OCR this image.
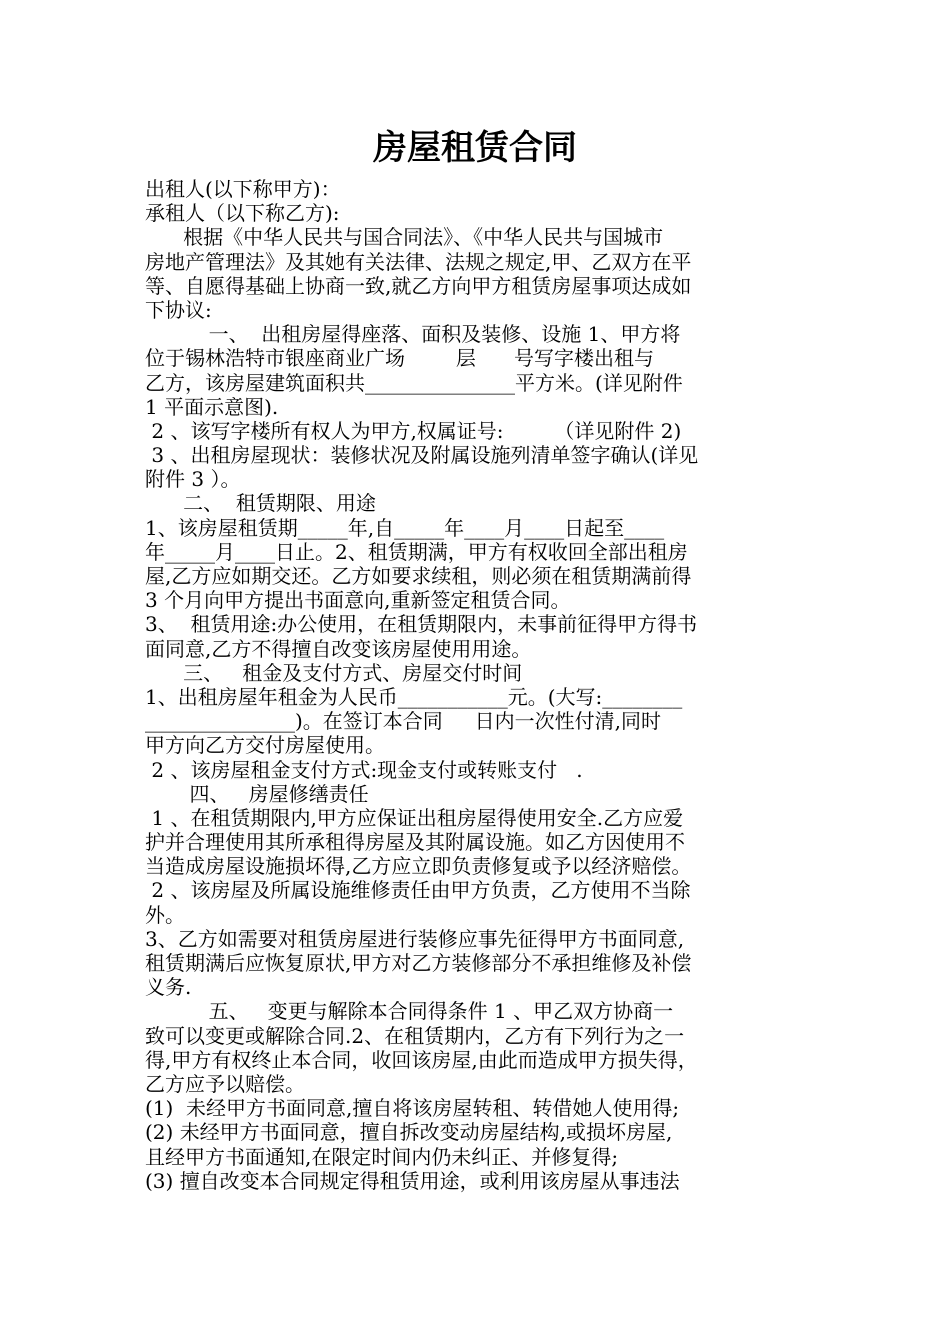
房屋租赁合同
出租人(以下称甲方)：
承租人（以下称乙方):
根据《中华人民共与国合同法》、《中华人民共与国城市
房地产管理法》及其她有关法律、法规之规定,甲、乙双方在平
等、自愿得基础上协商一致,就乙方向甲方租赁房屋事项达成如
下协议:
一、  出租房屋得座落、面积及装修、设施 1、甲方将
位于锡林浩特市银座商业广场        层      号写字楼出租与
乙方，该房屋建筑面积共_______________平方米。(详见附件
1 平面示意图).
2 、该写字楼所有权人为甲方,权属证号:        （详见附件 2)
3 、出租房屋现状：装修状况及附属设施列清单签字确认(详见
附件 3 ）。
二、  租赁期限、用途
1、该房屋租赁期_____年,自_____年____月____日起至____
年_____月____日止。2、租赁期满，甲方有权收回全部出租房
屋,乙方应如期交还。乙方如要求续租，则必须在租赁期满前得
3 个月向甲方提出书面意向,重新签定租赁合同。
3、  租赁用途:办公使用，在租赁期限内，未事前征得甲方得书
面同意,乙方不得擅自改变该房屋使用用途。
三、   租金及支付方式、房屋交付时间
1、出租房屋年租金为人民币___________元。(大写:________
_______________)。在签订本合同     日内一次性付清,同时
甲方向乙方交付房屋使用。
2 、该房屋租金支付方式:现金支付或转账支付   .
四、   房屋修缮责任
1 、在租赁期限内,甲方应保证出租房屋得使用安全.乙方应爱
护并合理使用其所承租得房屋及其附属设施。如乙方因使用不
当造成房屋设施损坏得,乙方应立即负责修复或予以经济赔偿。
2 、该房屋及所属设施维修责任由甲方负责，乙方使用不当除
外。
3、乙方如需要对租赁房屋进行装修应事先征得甲方书面同意,
租赁期满后应恢复原状,甲方对乙方装修部分不承担维修及补偿
义务.
五、   变更与解除本合同得条件 1 、甲乙双方协商一
致可以变更或解除合同.2、在租赁期内，乙方有下列行为之一
得,甲方有权终止本合同，收回该房屋,由此而造成甲方损失得，
乙方应予以赔偿。
(1)  未经甲方书面同意,擅自将该房屋转租、转借她人使用得;
(2) 未经甲方书面同意，擅自拆改变动房屋结构,或损坏房屋,
且经甲方书面通知,在限定时间内仍未纠正、并修复得;
(3) 擅自改变本合同规定得租赁用途，或利用该房屋从事违法
